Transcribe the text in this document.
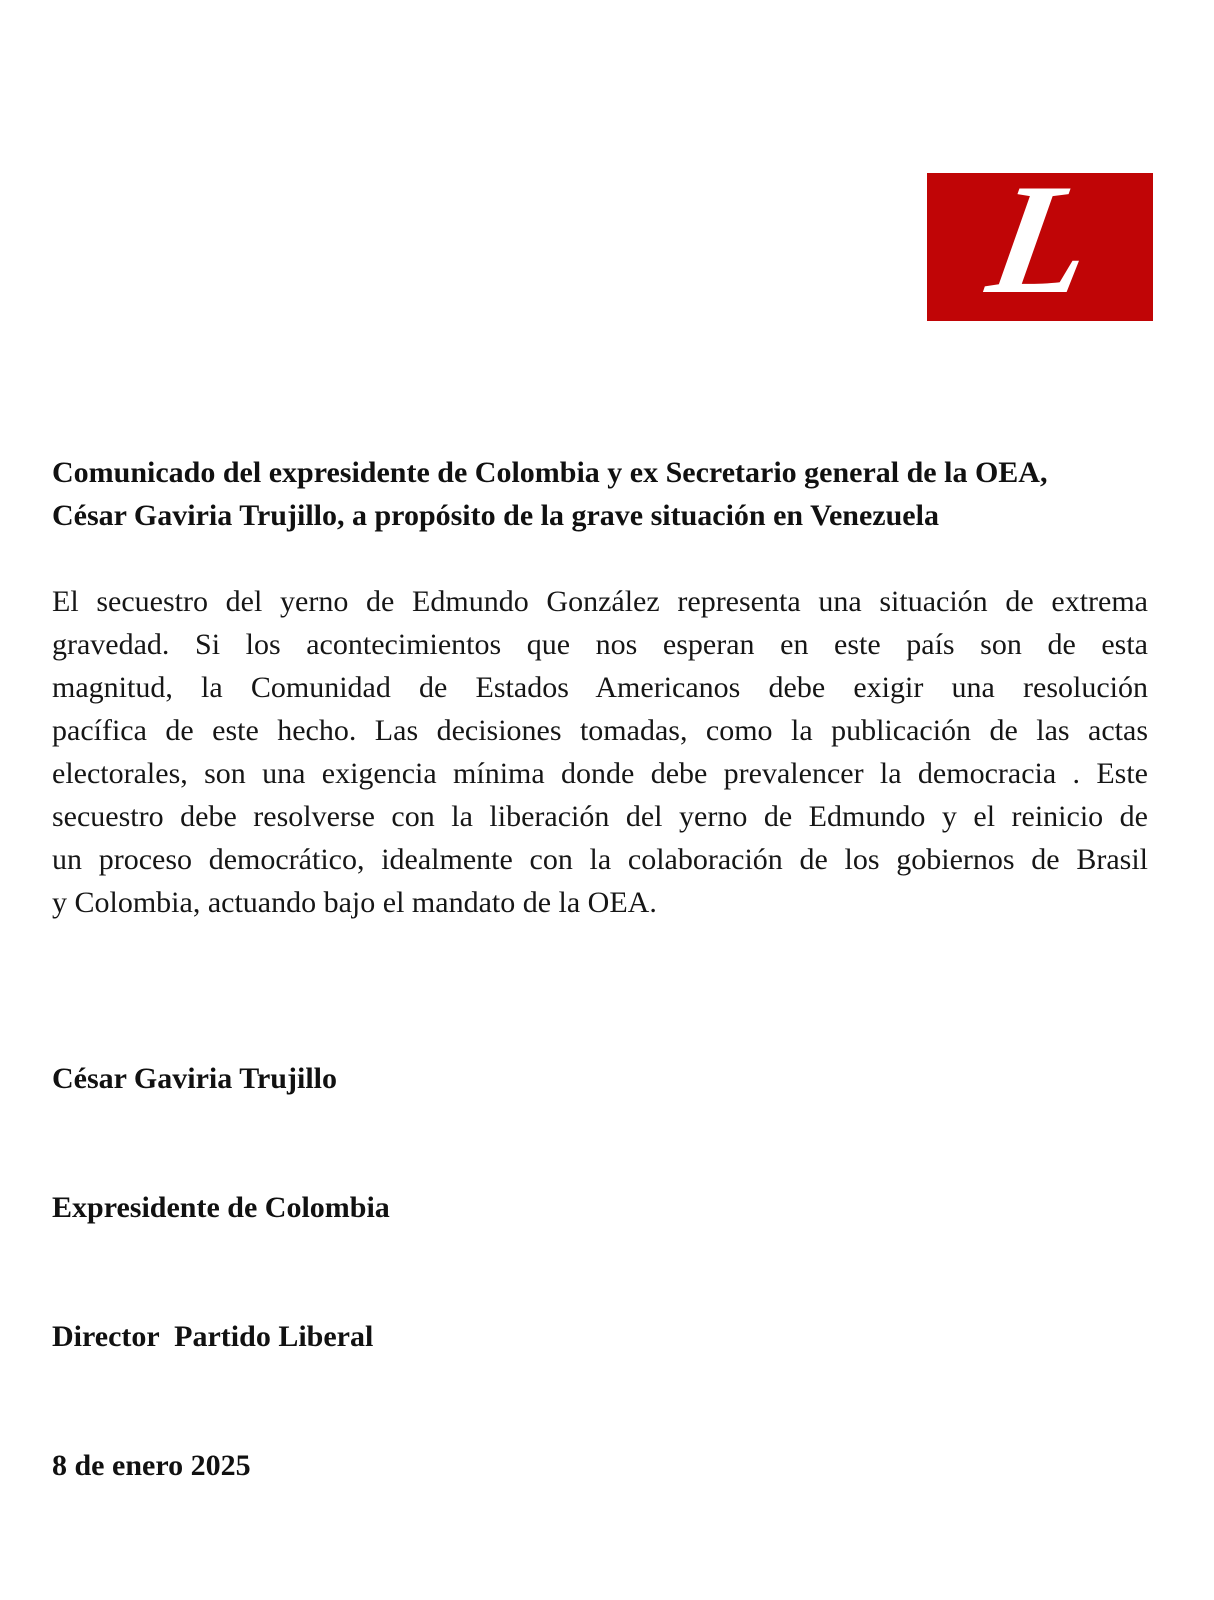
L
Comunicado del expresidente de Colombia y ex Secretario general de la OEA,
César Gaviria Trujillo, a propósito de la grave situación en Venezuela
El secuestro del yerno de Edmundo González representa una situación de extrema
gravedad. Si los acontecimientos que nos esperan en este país son de esta
magnitud, la Comunidad de Estados Americanos debe exigir una resolución
pacífica de este hecho. Las decisiones tomadas, como la publicación de las actas
electorales, son una exigencia mínima donde debe prevalencer la democracia . Este
secuestro debe resolverse con la liberación del yerno de Edmundo y el reinicio de
un proceso democrático, idealmente con la colaboración de los gobiernos de Brasil
y Colombia, actuando bajo el mandato de la OEA.

César Gaviria Trujillo

Expresidente de Colombia

Director  Partido Liberal

8 de enero 2025
